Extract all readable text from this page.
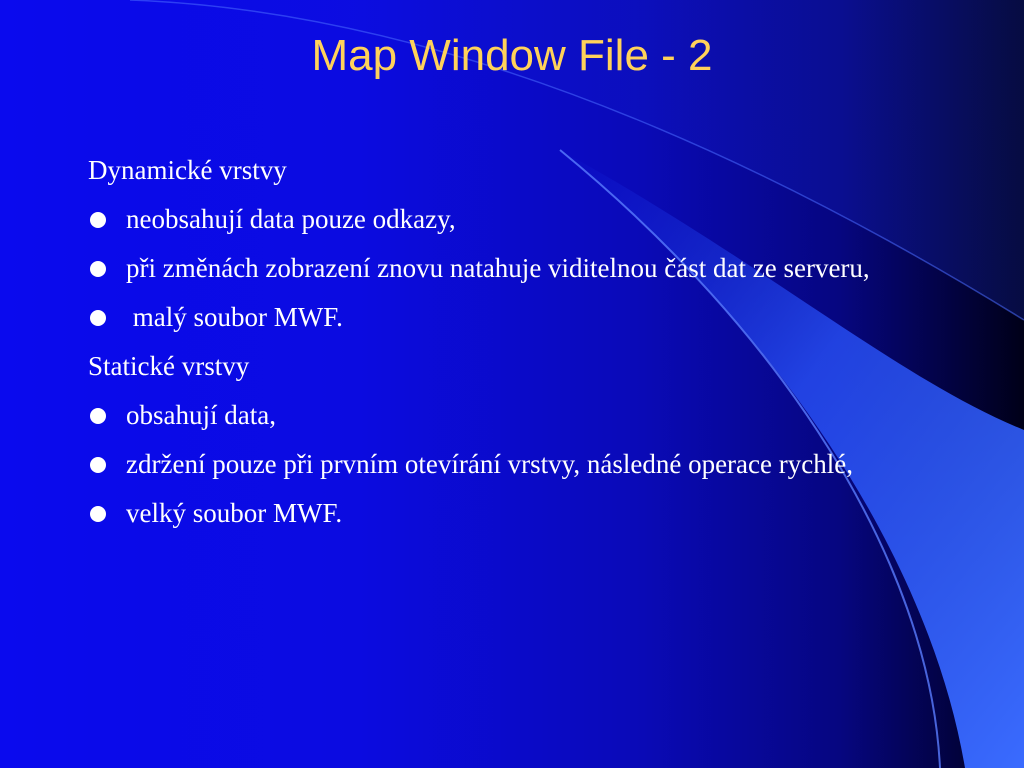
Map Window File - 2
Dynamické vrstvy
neobsahují data pouze odkazy,
při změnách zobrazení znovu natahuje viditelnou část dat ze serveru,
malý soubor MWF.
Statické vrstvy
obsahují data,
zdržení pouze při prvním otevírání vrstvy, následné operace rychlé,
velký soubor MWF.
